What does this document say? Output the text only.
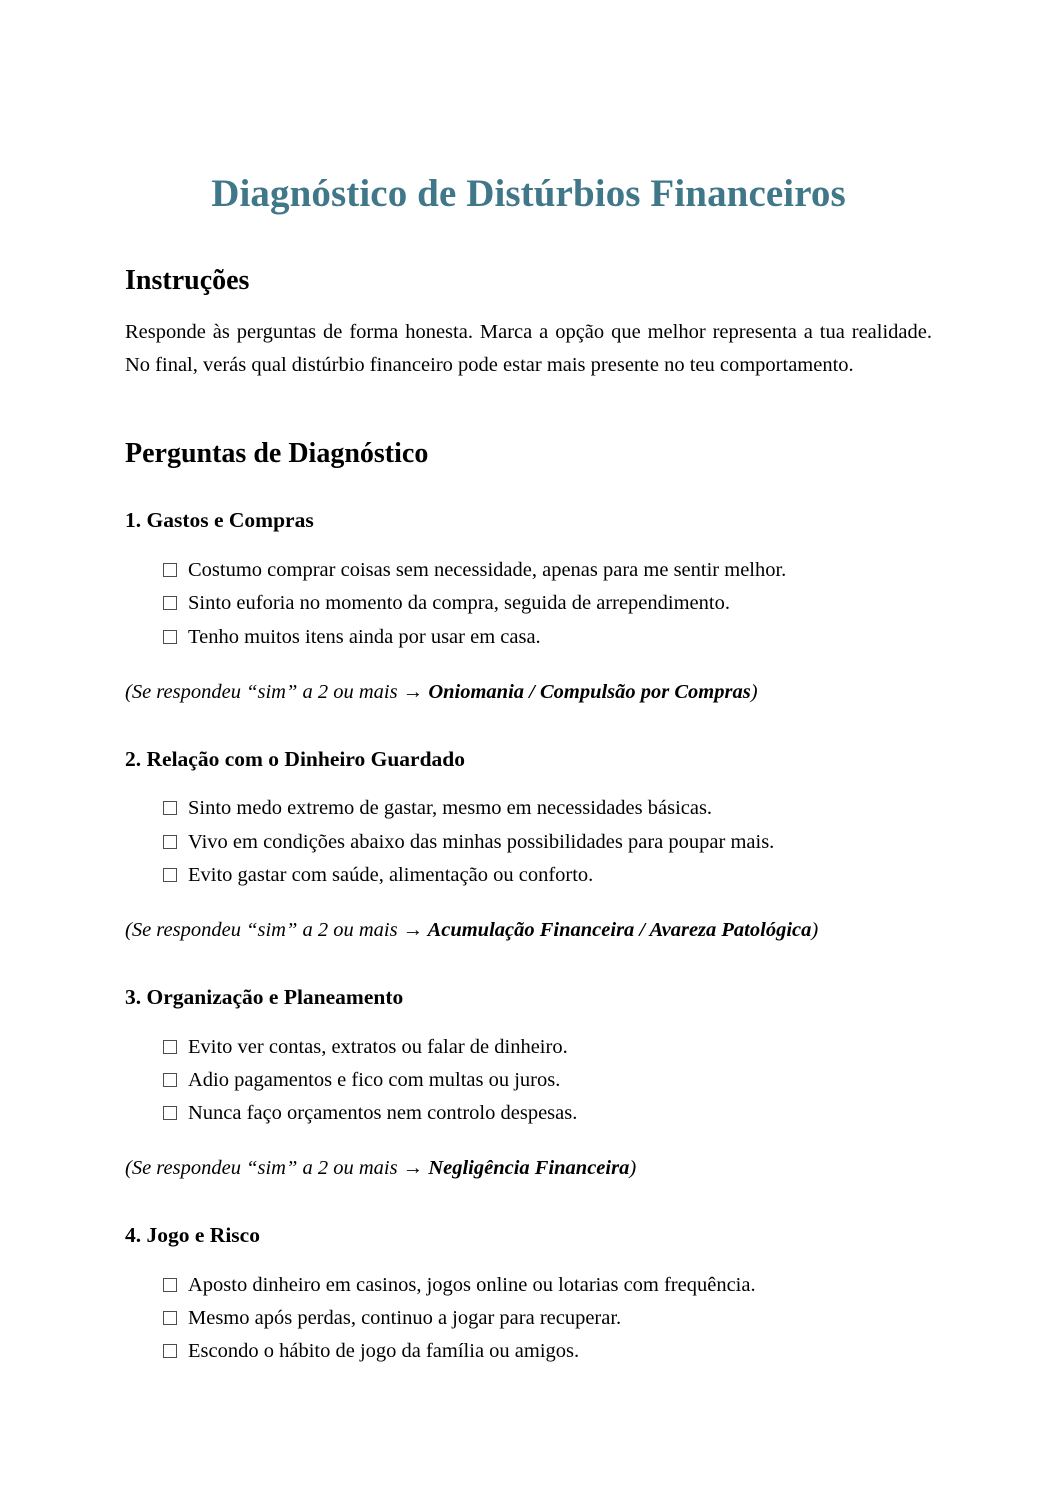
Diagnóstico de Distúrbios Financeiros
Instruções

Responde às perguntas de forma honesta. Marca a opção que melhor representa a tua realidade. No final, verás qual distúrbio financeiro pode estar mais presente no teu comportamento.

Perguntas de Diagnóstico
1. Gastos e Compras
Costumo comprar coisas sem necessidade, apenas para me sentir melhor.
Sinto euforia no momento da compra, seguida de arrependimento.
Tenho muitos itens ainda por usar em casa.

(Se respondeu “sim” a 2 ou mais → Oniomania / Compulsão por Compras)

2. Relação com o Dinheiro Guardado
Sinto medo extremo de gastar, mesmo em necessidades básicas.
Vivo em condições abaixo das minhas possibilidades para poupar mais.
Evito gastar com saúde, alimentação ou conforto.

(Se respondeu “sim” a 2 ou mais → Acumulação Financeira / Avareza Patológica)

3. Organização e Planeamento
Evito ver contas, extratos ou falar de dinheiro.
Adio pagamentos e fico com multas ou juros.
Nunca faço orçamentos nem controlo despesas.

(Se respondeu “sim” a 2 ou mais → Negligência Financeira)

4. Jogo e Risco
Aposto dinheiro em casinos, jogos online ou lotarias com frequência.
Mesmo após perdas, continuo a jogar para recuperar.
Escondo o hábito de jogo da família ou amigos.
